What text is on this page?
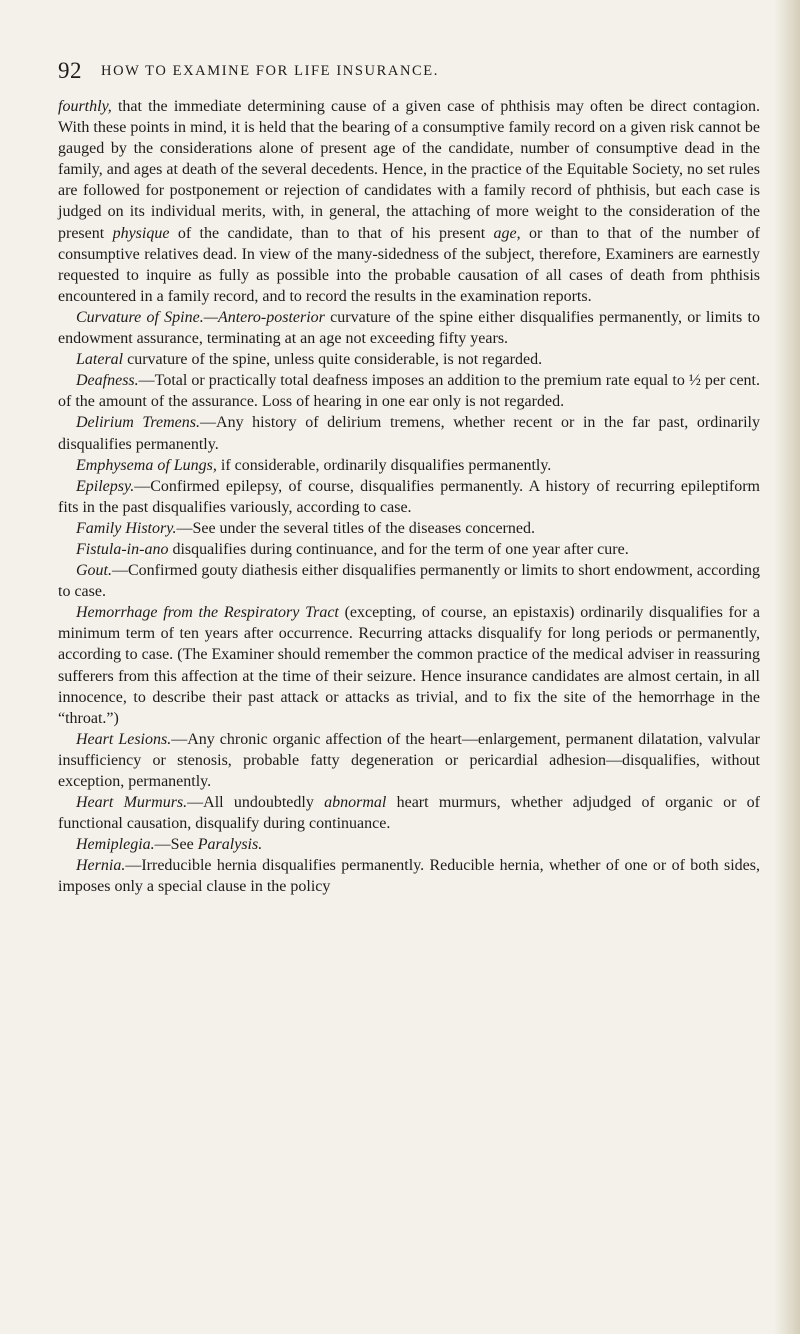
92 HOW TO EXAMINE FOR LIFE INSURANCE.

fourthly, that the immediate determining cause of a given case of phthisis may often be direct contagion. With these points in mind, it is held that the bearing of a consumptive family record on a given risk cannot be gauged by the considerations alone of present age of the candidate, number of consumptive dead in the family, and ages at death of the several decedents. Hence, in the practice of the Equitable Society, no set rules are followed for postponement or rejection of candidates with a family record of phthisis, but each case is judged on its individual merits, with, in general, the attaching of more weight to the consideration of the present physique of the candidate, than to that of his present age, or than to that of the number of consumptive relatives dead. In view of the many-sidedness of the subject, therefore, Examiners are earnestly requested to inquire as fully as possible into the probable causation of all cases of death from phthisis encountered in a family record, and to record the results in the examination reports.

Curvature of Spine.—Antero-posterior curvature of the spine either disqualifies permanently, or limits to endowment assurance, terminating at an age not exceeding fifty years.

Lateral curvature of the spine, unless quite considerable, is not regarded.

Deafness.—Total or practically total deafness imposes an addition to the premium rate equal to ½ per cent. of the amount of the assurance. Loss of hearing in one ear only is not regarded.

Delirium Tremens.—Any history of delirium tremens, whether recent or in the far past, ordinarily disqualifies permanently.

Emphysema of Lungs, if considerable, ordinarily disqualifies permanently.

Epilepsy.—Confirmed epilepsy, of course, disqualifies permanently. A history of recurring epileptiform fits in the past disqualifies variously, according to case.

Family History.—See under the several titles of the diseases concerned.

Fistula-in-ano disqualifies during continuance, and for the term of one year after cure.

Gout.—Confirmed gouty diathesis either disqualifies permanently or limits to short endowment, according to case.

Hemorrhage from the Respiratory Tract (excepting, of course, an epistaxis) ordinarily disqualifies for a minimum term of ten years after occurrence. Recurring attacks disqualify for long periods or permanently, according to case. (The Examiner should remember the common practice of the medical adviser in reassuring sufferers from this affection at the time of their seizure. Hence insurance candidates are almost certain, in all innocence, to describe their past attack or attacks as trivial, and to fix the site of the hemorrhage in the “throat.”)

Heart Lesions.—Any chronic organic affection of the heart—enlargement, permanent dilatation, valvular insufficiency or stenosis, probable fatty degeneration or pericardial adhesion—disqualifies, without exception, permanently.

Heart Murmurs.—All undoubtedly abnormal heart murmurs, whether adjudged of organic or of functional causation, disqualify during continuance.

Hemiplegia.—See Paralysis.

Hernia.—Irreducible hernia disqualifies permanently. Reducible hernia, whether of one or of both sides, imposes only a special clause in the policy
